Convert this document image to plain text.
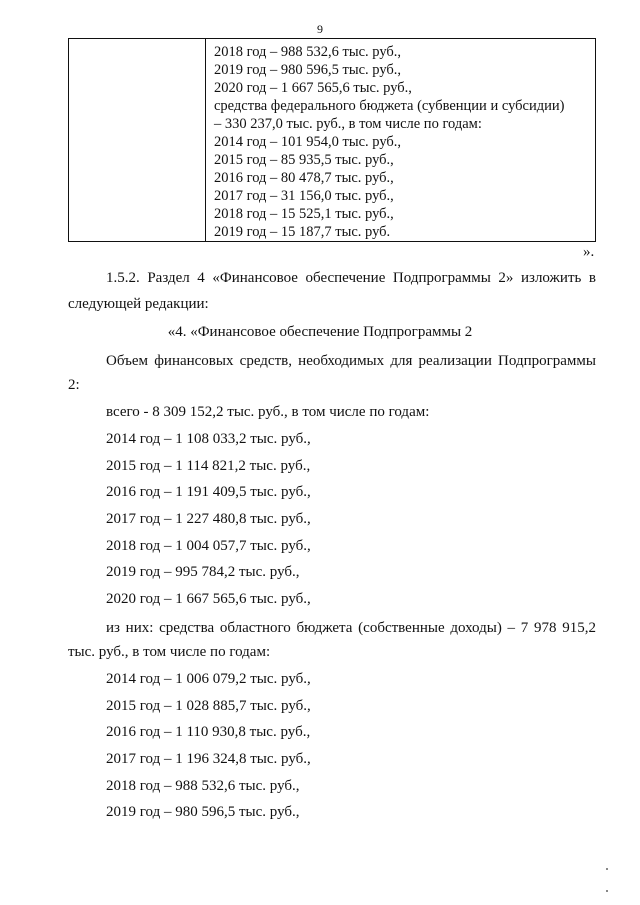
9
2018 год – 988 532,6 тыс. руб.,
2019 год – 980 596,5 тыс. руб.,
2020 год – 1 667 565,6 тыс. руб.,
средства федерального бюджета (субвенции и субсидии)
– 330 237,0 тыс. руб., в том числе по годам:
2014 год – 101 954,0 тыс. руб.,
2015 год – 85 935,5 тыс. руб.,
2016 год – 80 478,7 тыс. руб.,
2017 год – 31 156,0 тыс. руб.,
2018 год – 15 525,1 тыс. руб.,
2019 год – 15 187,7 тыс. руб.
».
1.5.2. Раздел 4 «Финансовое обеспечение Подпрограммы 2» изложить в
следующей редакции:
«4. «Финансовое обеспечение Подпрограммы 2
Объем финансовых средств, необходимых для реализации Подпрограммы
2:
всего - 8 309 152,2 тыс. руб., в том числе по годам:
2014 год – 1 108 033,2 тыс. руб.,
2015 год – 1 114 821,2 тыс. руб.,
2016 год – 1 191 409,5 тыс. руб.,
2017 год – 1 227 480,8 тыс. руб.,
2018 год – 1 004 057,7 тыс. руб.,
2019 год – 995 784,2 тыс. руб.,
2020 год – 1 667 565,6 тыс. руб.,
из них: средства областного бюджета (собственные доходы) – 7 978 915,2
тыс. руб., в том числе по годам:
2014 год – 1 006 079,2 тыс. руб.,
2015 год – 1 028 885,7 тыс. руб.,
2016 год – 1 110 930,8 тыс. руб.,
2017 год – 1 196 324,8 тыс. руб.,
2018 год – 988 532,6 тыс. руб.,
2019 год – 980 596,5 тыс. руб.,
